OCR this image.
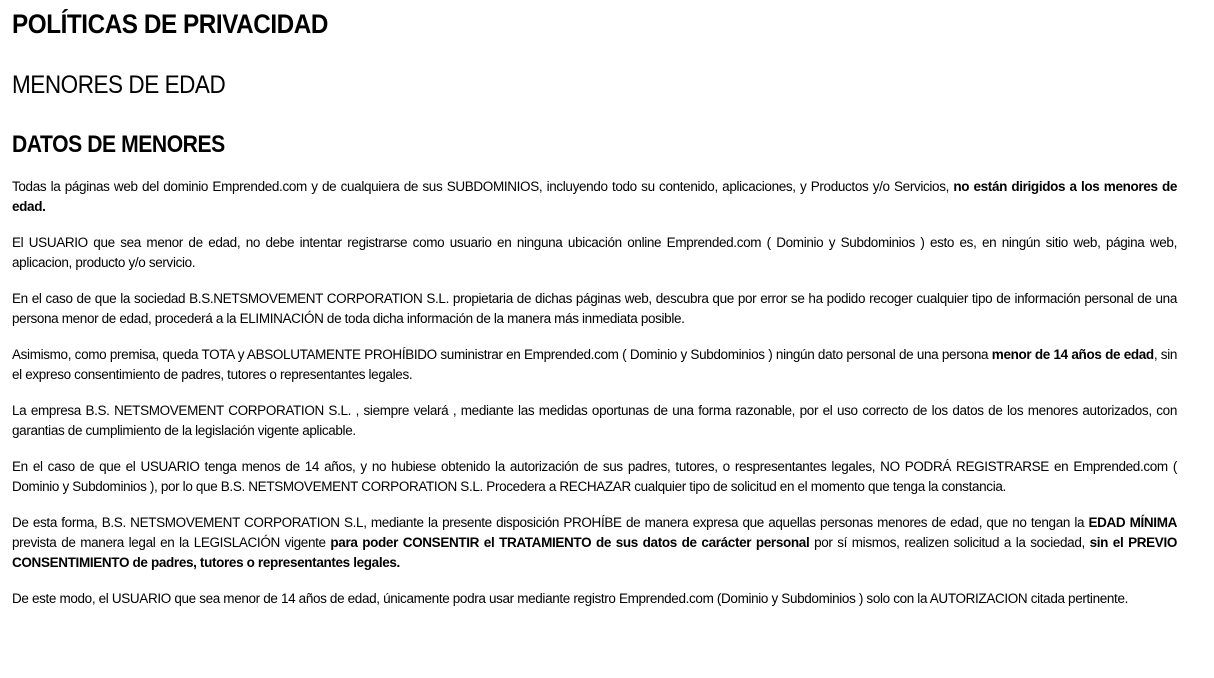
POLÍTICAS DE PRIVACIDAD
MENORES DE EDAD
DATOS DE MENORES

Todas la páginas web del dominio Emprended.com y de cualquiera de sus SUBDOMINIOS, incluyendo todo su contenido, aplicaciones, y Productos y/o Servicios, no están dirigidos a los menores de edad.

El USUARIO que sea menor de edad, no debe intentar registrarse como usuario en ninguna ubicación online Emprended.com ( Dominio y Subdominios ) esto es, en ningún sitio web, página web, aplicacion, producto y/o servicio.

En el caso de que la sociedad B.S.NETSMOVEMENT CORPORATION S.L. propietaria de dichas páginas web, descubra que por error se ha podido recoger cualquier tipo de información personal de una persona menor de edad, procederá a la ELIMINACIÓN de toda dicha información de la manera más inmediata posible.

Asimismo, como premisa, queda TOTA y ABSOLUTAMENTE PROHÍBIDO suministrar en Emprended.com ( Dominio y Subdominios ) ningún dato personal de una persona menor de 14 años de edad, sin el expreso consentimiento de padres, tutores o representantes legales.

La empresa B.S. NETSMOVEMENT CORPORATION S.L. , siempre velará , mediante las medidas oportunas de una forma razonable, por el uso correcto de los datos de los menores autorizados, con garantias de cumplimiento de la legislación vigente aplicable.

En el caso de que el USUARIO tenga menos de 14 años, y no hubiese obtenido la autorización de sus padres, tutores, o respresentantes legales, NO PODRÁ REGISTRARSE en Emprended.com ( Dominio y Subdominios ), por lo que B.S. NETSMOVEMENT CORPORATION S.L. Procedera a RECHAZAR cualquier tipo de solicitud en el momento que tenga la constancia.

De esta forma, B.S. NETSMOVEMENT CORPORATION S.L, mediante la presente disposición PROHÍBE de manera expresa que aquellas personas menores de edad, que no tengan la EDAD MÍNIMA prevista de manera legal en la LEGISLACIÓN vigente para poder CONSENTIR el TRATAMIENTO de sus datos de carácter personal por sí mismos, realizen solicitud a la sociedad, sin el PREVIO CONSENTIMIENTO de padres, tutores o representantes legales.

De este modo, el USUARIO que sea menor de 14 años de edad, únicamente podra usar mediante registro Emprended.com (Dominio y Subdominios ) solo con la AUTORIZACION citada pertinente.
